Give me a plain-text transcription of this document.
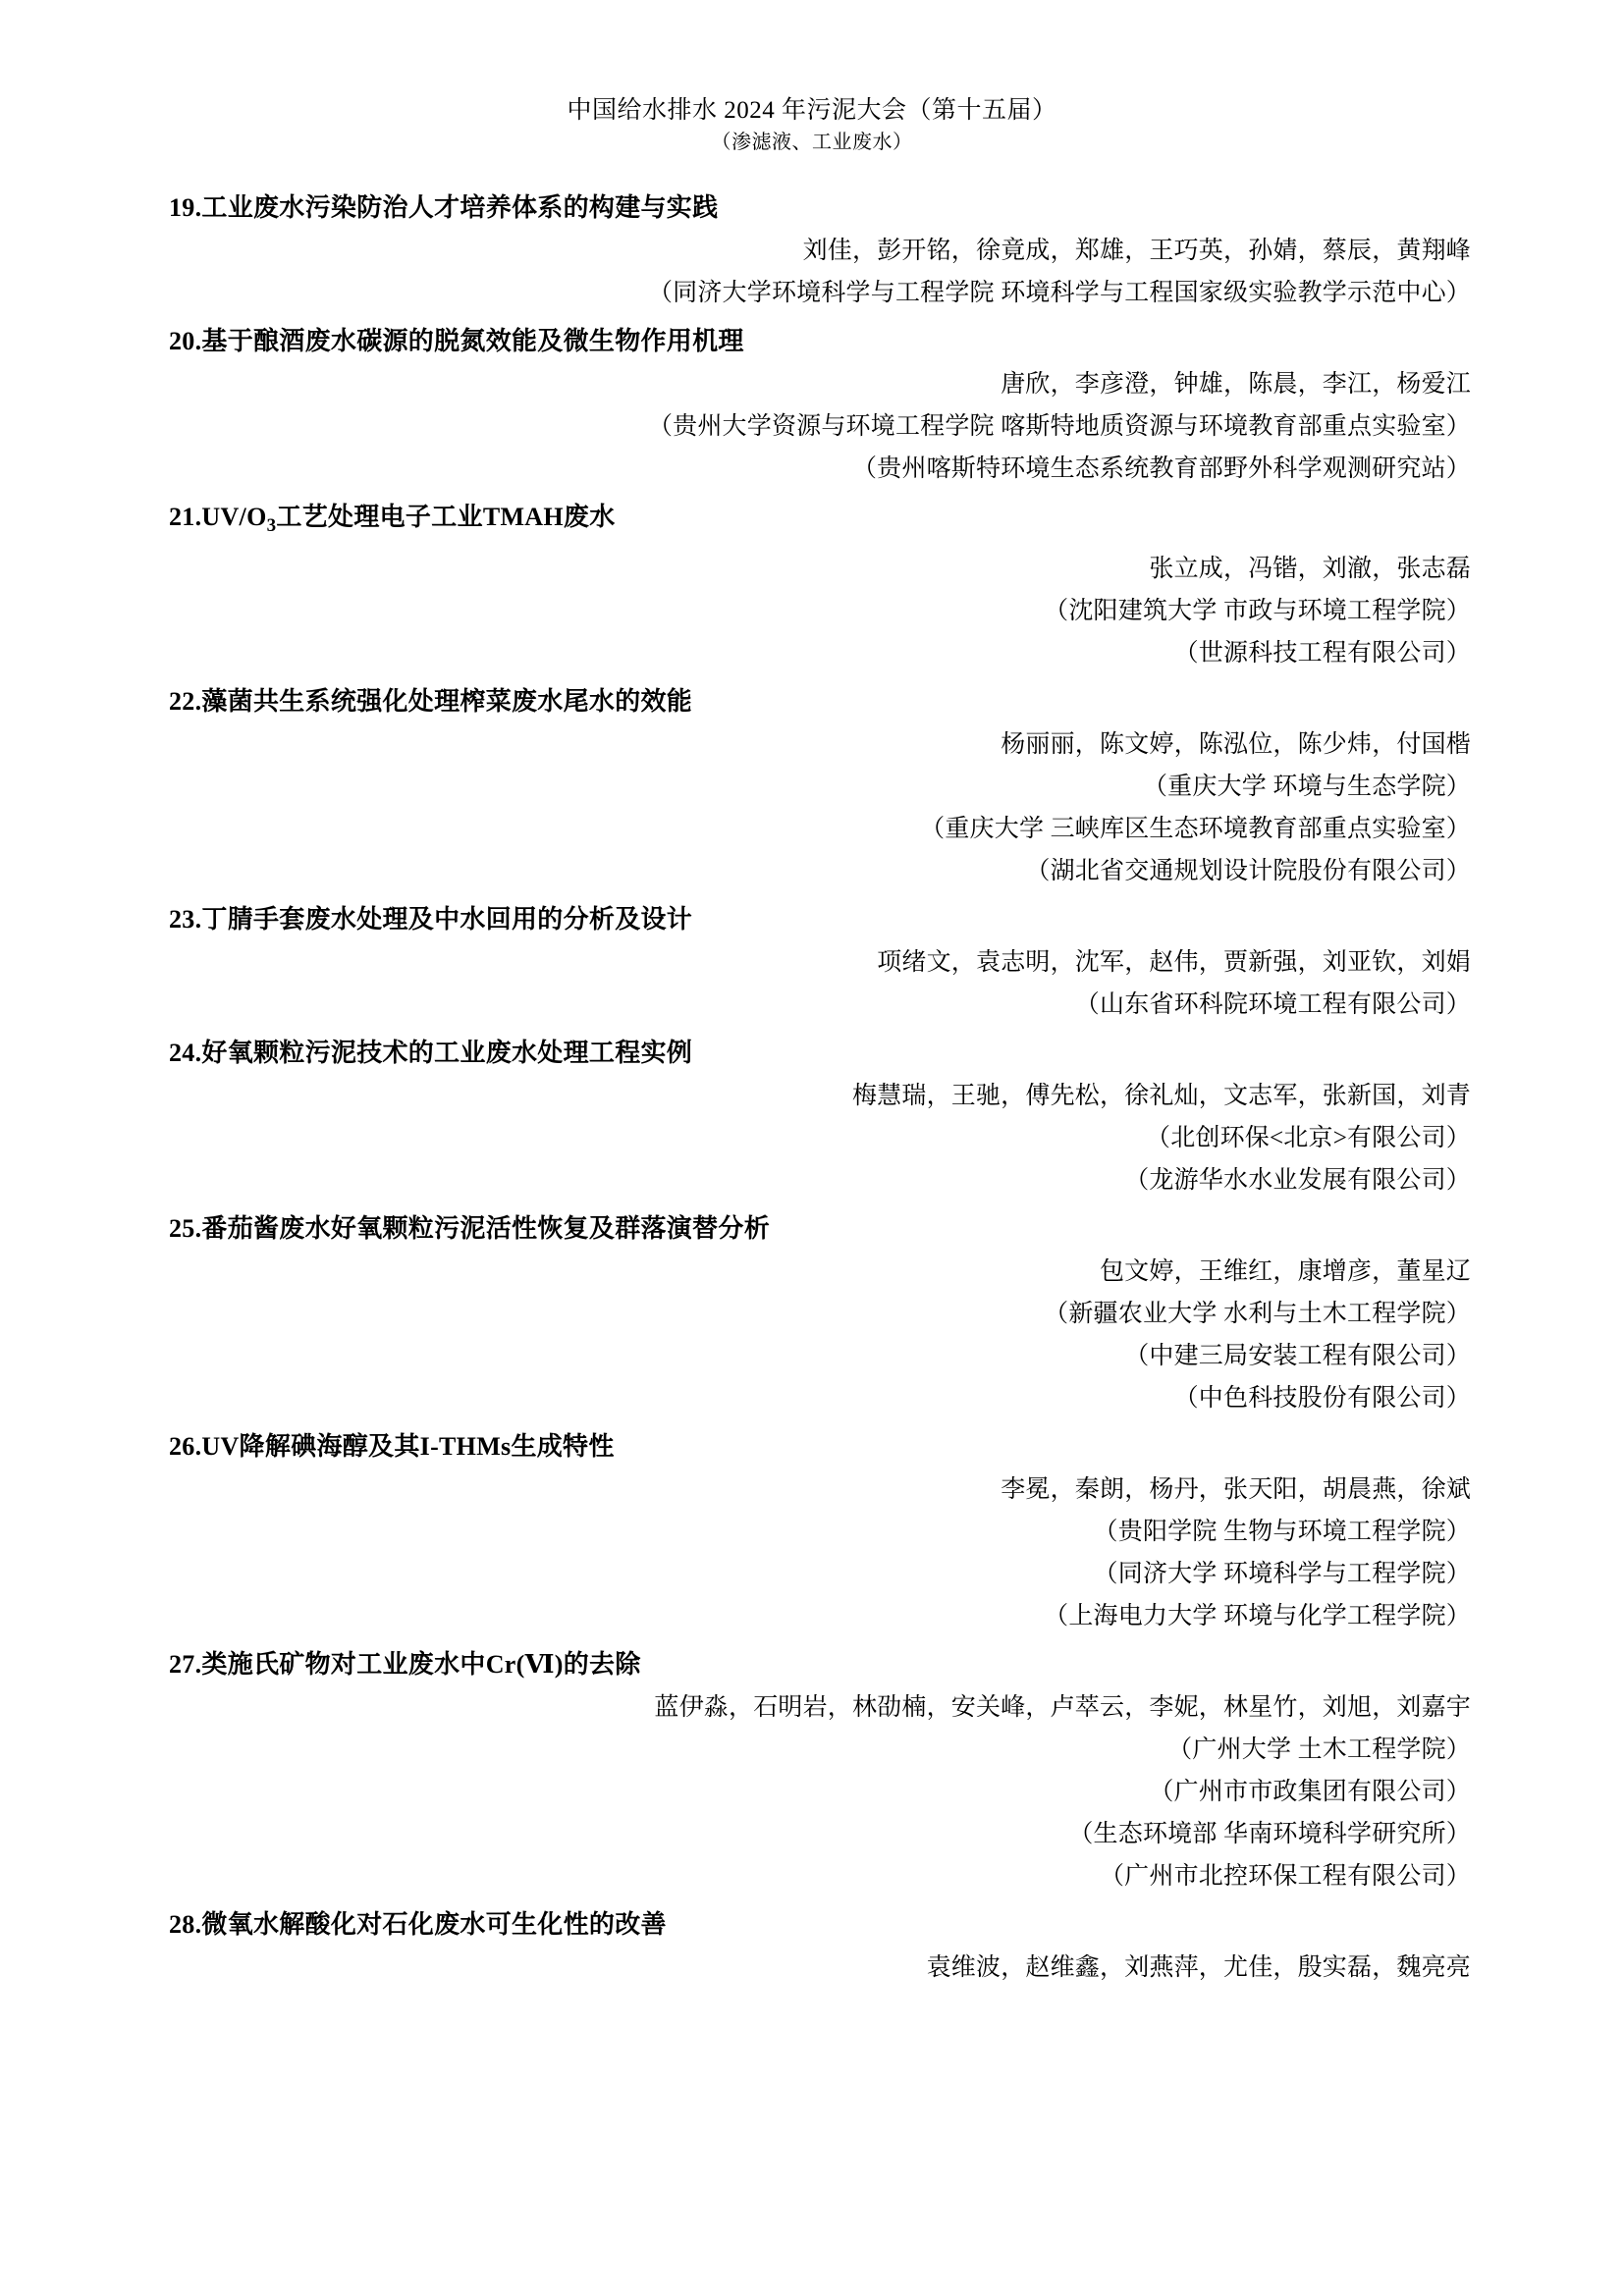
中国给水排水 2024 年污泥大会（第十五届）
（渗滤液、工业废水）
19.工业废水污染防治人才培养体系的构建与实践
刘佳，彭开铭，徐竟成，郑雄，王巧英，孙婧，蔡辰，黄翔峰
（同济大学环境科学与工程学院 环境科学与工程国家级实验教学示范中心）
20.基于酿酒废水碳源的脱氮效能及微生物作用机理
唐欣，李彦澄，钟雄，陈晨，李江，杨爱江
（贵州大学资源与环境工程学院 喀斯特地质资源与环境教育部重点实验室）
（贵州喀斯特环境生态系统教育部野外科学观测研究站）
$21.UV/O_3$工艺处理电子工业TMAH废水
张立成，冯锴，刘澈，张志磊
（沈阳建筑大学 市政与环境工程学院）
（世源科技工程有限公司）
22.藻菌共生系统强化处理榨菜废水尾水的效能
杨丽丽，陈文婷，陈泓位，陈少炜，付国楷
（重庆大学 环境与生态学院）
（重庆大学 三峡库区生态环境教育部重点实验室）
（湖北省交通规划设计院股份有限公司）
23.丁腈手套废水处理及中水回用的分析及设计
项绪文，袁志明，沈军，赵伟，贾新强，刘亚钦，刘娟
（山东省环科院环境工程有限公司）
24.好氧颗粒污泥技术的工业废水处理工程实例
梅慧瑞，王驰，傅先松，徐礼灿，文志军，张新国，刘青
（北创环保<北京>有限公司）
（龙游华水水业发展有限公司）
25.番茄酱废水好氧颗粒污泥活性恢复及群落演替分析
包文婷，王维红，康增彦，董星辽
（新疆农业大学 水利与土木工程学院）
（中建三局安装工程有限公司）
（中色科技股份有限公司）
26.UV降解碘海醇及其I-THMs生成特性
李冕，秦朗，杨丹，张天阳，胡晨燕，徐斌
（贵阳学院 生物与环境工程学院）
（同济大学 环境科学与工程学院）
（上海电力大学 环境与化学工程学院）
27.类施氏矿物对工业废水中Cr(Ⅵ)的去除
蓝伊淼，石明岩，林劭楠，安关峰，卢萃云，李妮，林星竹，刘旭，刘嘉宇
（广州大学 土木工程学院）
（广州市市政集团有限公司）
（生态环境部 华南环境科学研究所）
（广州市北控环保工程有限公司）
28.微氧水解酸化对石化废水可生化性的改善
袁维波，赵维鑫，刘燕萍，尤佳，殷实磊，魏亮亮
